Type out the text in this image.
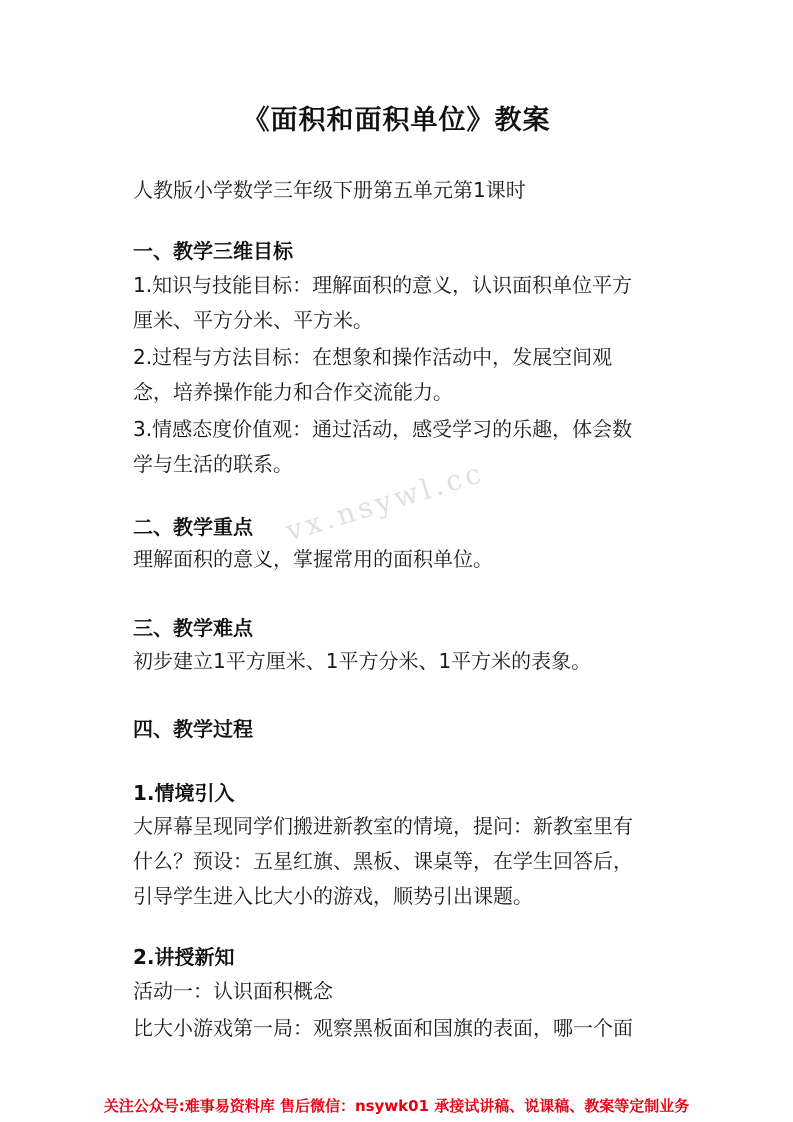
《面积和面积单位》教案
人教版小学数学三年级下册第五单元第1课时
一、教学三维目标
1.知识与技能目标：理解面积的意义，认识面积单位平方
厘米、平方分米、平方米。
2.过程与方法目标：在想象和操作活动中，发展空间观
念，培养操作能力和合作交流能力。
3.情感态度价值观：通过活动，感受学习的乐趣，体会数
学与生活的联系。
二、教学重点
理解面积的意义，掌握常用的面积单位。
三、教学难点
初步建立1平方厘米、1平方分米、1平方米的表象。
四、教学过程
1.情境引入
大屏幕呈现同学们搬进新教室的情境，提问：新教室里有
什么？预设：五星红旗、黑板、课桌等，在学生回答后，
引导学生进入比大小的游戏，顺势引出课题。
2.讲授新知
活动一：认识面积概念
比大小游戏第一局：观察黑板面和国旗的表面，哪一个面
vx.nsywl.cc
关注公众号:难事易资料库 售后微信：nsywk01 承接试讲稿、说课稿、教案等定制业务
